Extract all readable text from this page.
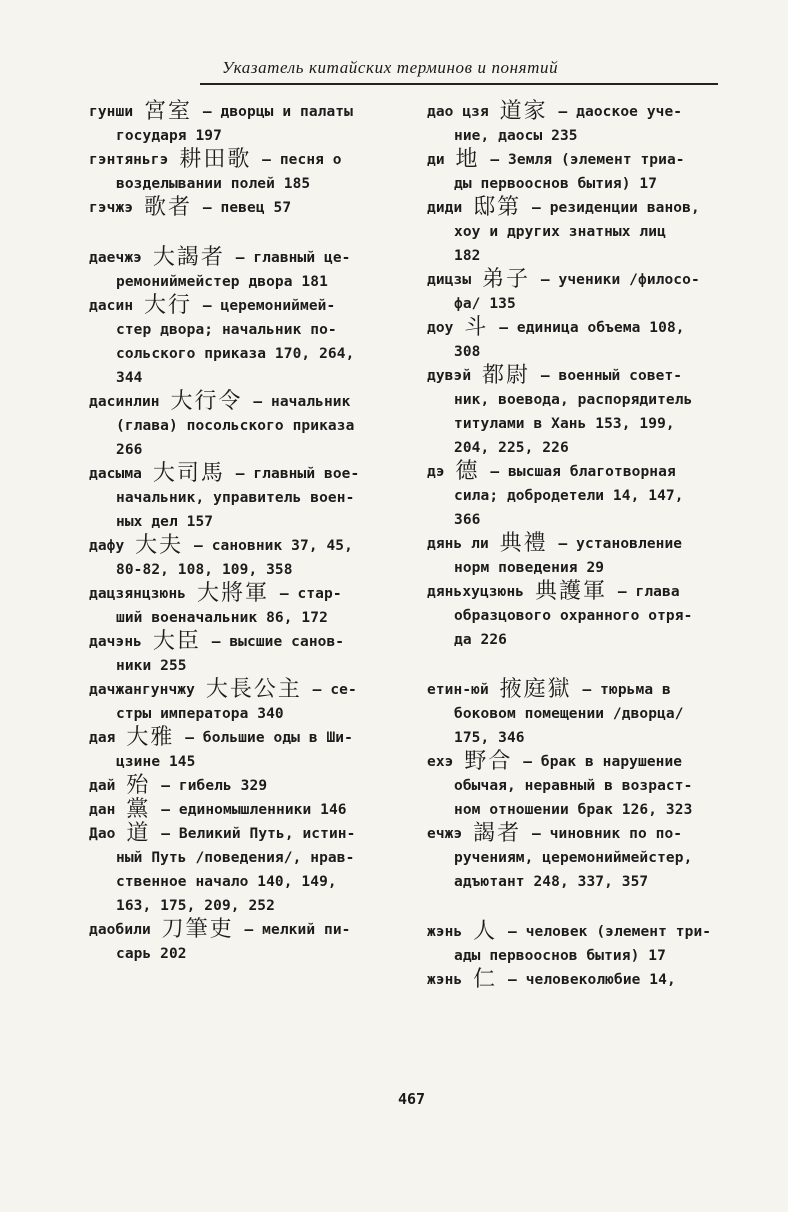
Указатель китайских терминов и понятий
гунши 宮室 — дворцы и палаты
государя 197
гэнтяньгэ 耕田歌 — песня о
возделывании полей 185
гэчжэ 歌者 — певец 57
даечжэ 大謁者 — главный це-
ремониймейстер двора 181
дасин 大行 — церемониймей-
стер двора; начальник по-
сольского приказа 170, 264,
344
дасинлин 大行令 — начальник
(глава) посольского приказа
266
дасыма 大司馬 — главный вое-
начальник, управитель воен-
ных дел 157
дафу 大夫 — сановник 37, 45,
80-82, 108, 109, 358
дацзянцзюнь 大將軍 — стар-
ший военачальник 86, 172
дачэнь 大臣 — высшие санов-
ники 255
дачжангунчжу 大長公主 — се-
стры императора 340
дая 大雅 — большие оды в Ши-
цзине 145
дай 殆 — гибель 329
дан 黨 — единомышленники 146
Дао 道 — Великий Путь, истин-
ный Путь /поведения/, нрав-
ственное начало 140, 149,
163, 175, 209, 252
даобили 刀筆吏 — мелкий пи-
сарь 202
дао цзя 道家 — даоское уче-
ние, даосы 235
ди 地 — Земля (элемент триа-
ды первооснов бытия) 17
диди 邸第 — резиденции ванов,
хоу и других знатных лиц
182
дицзы 弟子 — ученики /филосо-
фа/ 135
доу 斗 — единица объема 108,
308
дувэй 都尉 — военный совет-
ник, воевода, распорядитель
титулами в Хань 153, 199,
204, 225, 226
дэ 德 — высшая благотворная
сила; добродетели 14, 147,
366
дянь ли 典禮 — установление
норм поведения 29
дяньхуцзюнь 典護軍 — глава
образцового охранного отря-
да 226
етин-юй 掖庭獄 — тюрьма в
боковом помещении /дворца/
175, 346
ехэ 野合 — брак в нарушение
обычая, неравный в возраст-
ном отношении брак 126, 323
ечжэ 謁者 — чиновник по по-
ручениям, церемониймейстер,
адъютант 248, 337, 357
жэнь 人 — человек (элемент три-
ады первооснов бытия) 17
жэнь 仁 — человеколюбие 14,
467
